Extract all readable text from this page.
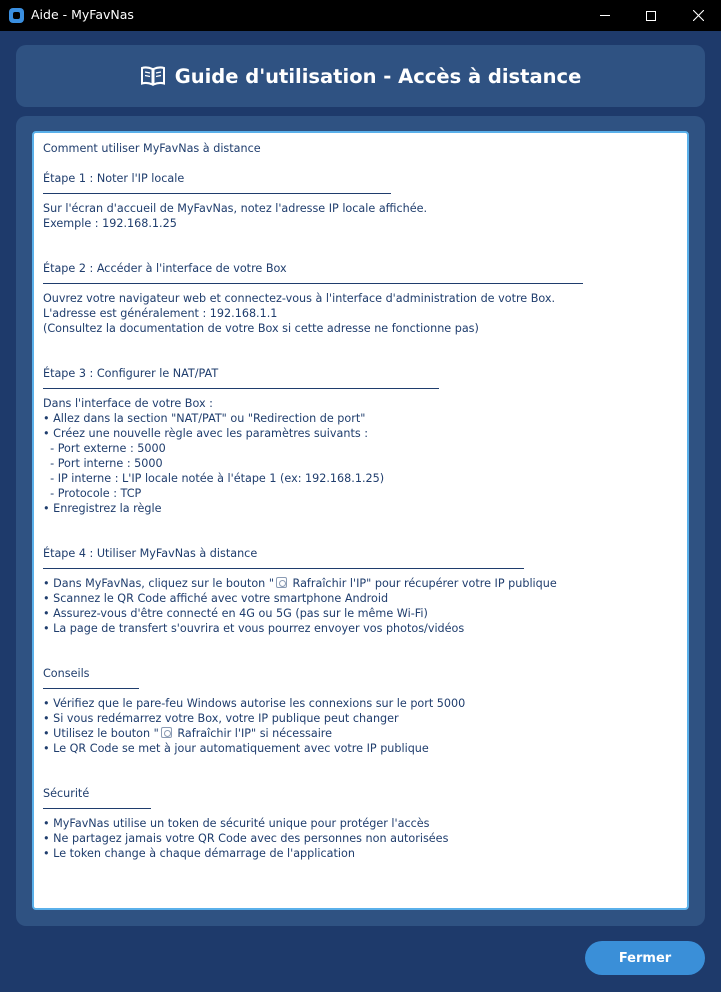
Aide - MyFavNas
Guide d'utilisation - Accès à distance
Comment utiliser MyFavNas à distance
Étape 1 : Noter l'IP locale
Sur l'écran d'accueil de MyFavNas, notez l'adresse IP locale affichée.
Exemple : 192.168.1.25
Étape 2 : Accéder à l'interface de votre Box
Ouvrez votre navigateur web et connectez-vous à l'interface d'administration de votre Box.
L'adresse est généralement : 192.168.1.1
(Consultez la documentation de votre Box si cette adresse ne fonctionne pas)
Étape 3 : Configurer le NAT/PAT
Dans l'interface de votre Box :
• Allez dans la section "NAT/PAT" ou "Redirection de port"
• Créez une nouvelle règle avec les paramètres suivants :
- Port externe : 5000
- Port interne : 5000
- IP interne : L'IP locale notée à l'étape 1 (ex: 192.168.1.25)
- Protocole : TCP
• Enregistrez la règle
Étape 4 : Utiliser MyFavNas à distance
• Dans MyFavNas, cliquez sur le bouton " Rafraîchir l'IP" pour récupérer votre IP publique
• Scannez le QR Code affiché avec votre smartphone Android
• Assurez-vous d'être connecté en 4G ou 5G (pas sur le même Wi-Fi)
• La page de transfert s'ouvrira et vous pourrez envoyer vos photos/vidéos
Conseils
• Vérifiez que le pare-feu Windows autorise les connexions sur le port 5000
• Si vous redémarrez votre Box, votre IP publique peut changer
• Utilisez le bouton " Rafraîchir l'IP" si nécessaire
• Le QR Code se met à jour automatiquement avec votre IP publique
Sécurité
• MyFavNas utilise un token de sécurité unique pour protéger l'accès
• Ne partagez jamais votre QR Code avec des personnes non autorisées
• Le token change à chaque démarrage de l'application
Fermer
